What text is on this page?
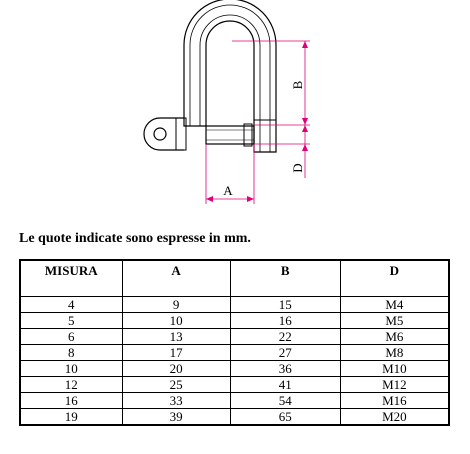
B
D
A

Le quote indicate sono espresse in mm.

MISURA	A	B	D
4	9	15	M4
5	10	16	M5
6	13	22	M6
8	17	27	M8
10	20	36	M10
12	25	41	M12
16	33	54	M16
19	39	65	M20
